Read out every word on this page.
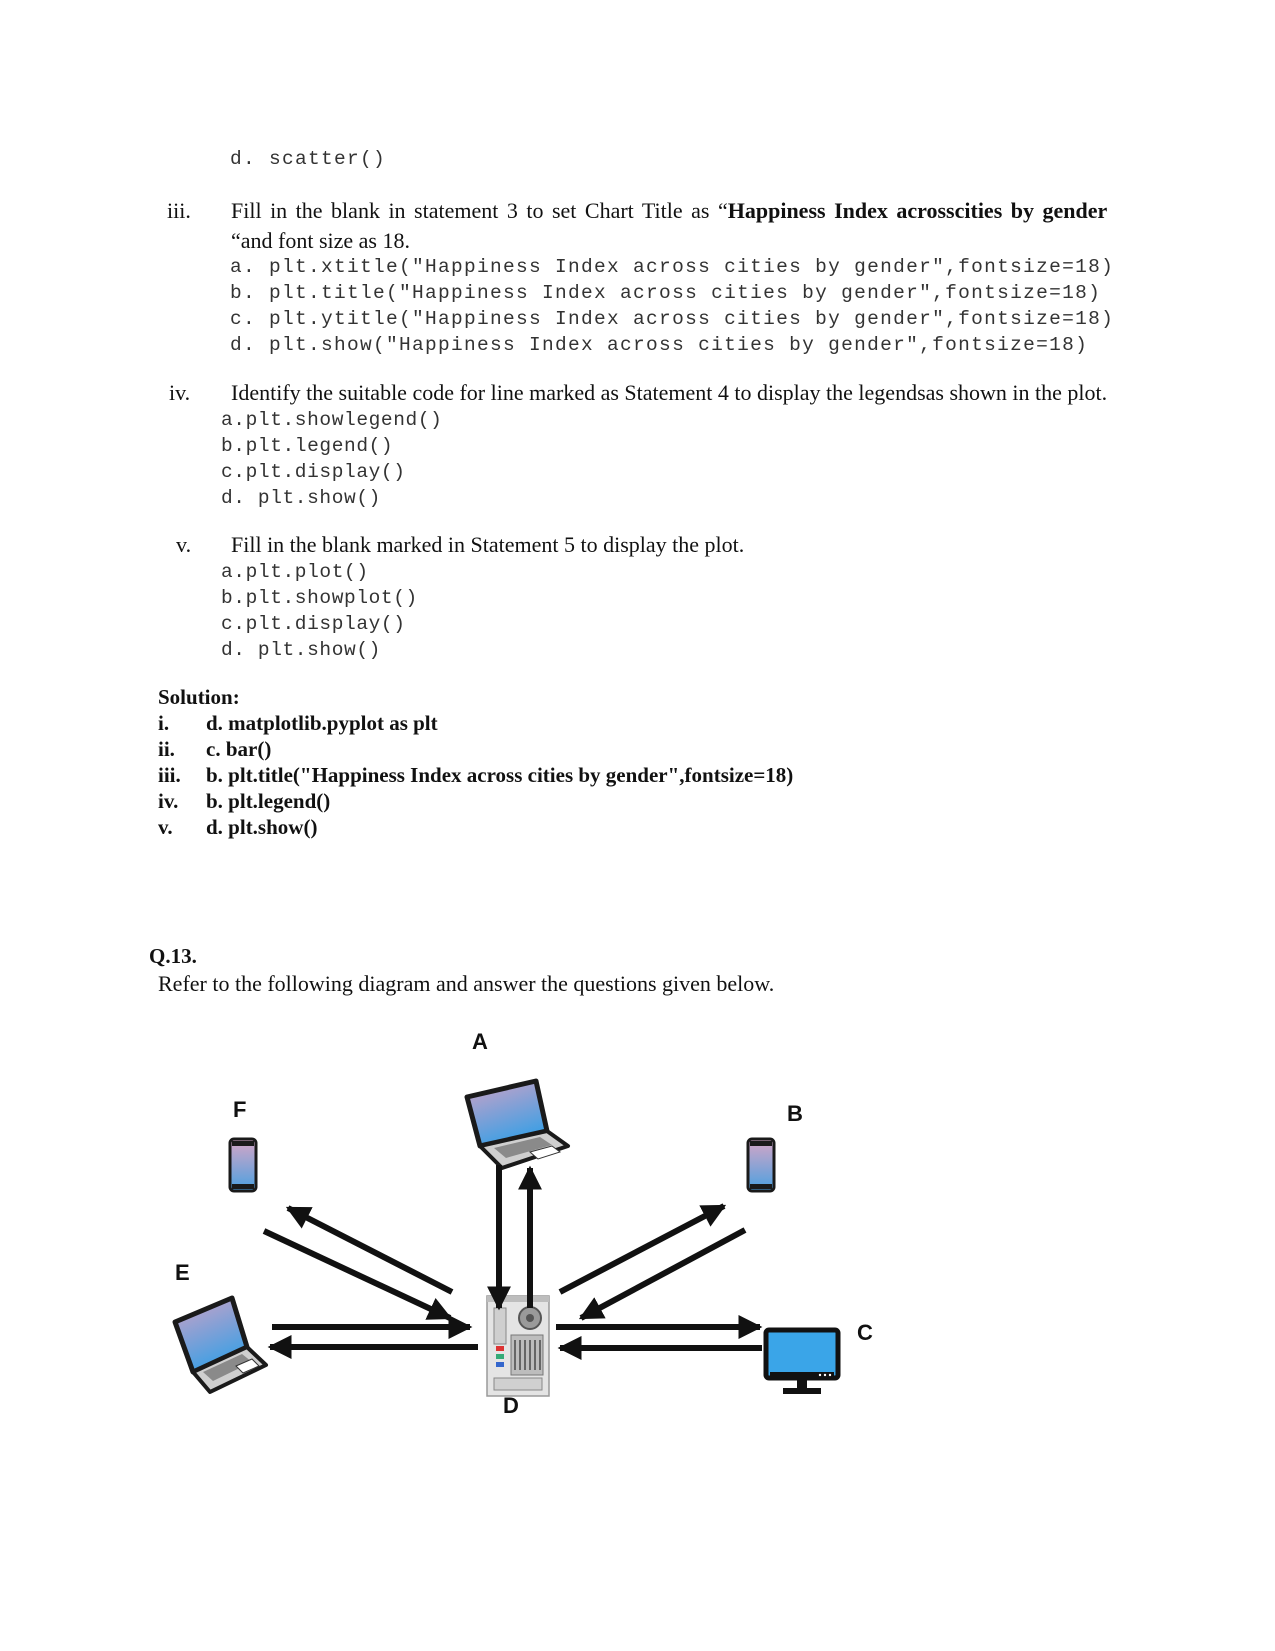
d. scatter()
iii. Fill in the blank in statement 3 to set Chart Title as “Happiness Index acrosscities by gender
“and font size as 18.
a. plt.xtitle("Happiness Index across cities by gender",fontsize=18)
b. plt.title("Happiness Index across cities by gender",fontsize=18)
c. plt.ytitle("Happiness Index across cities by gender",fontsize=18)
d. plt.show("Happiness Index across cities by gender",fontsize=18)
iv. Identify the suitable code for line marked as Statement 4 to display the legendsas shown in the plot.
a.plt.showlegend()
b.plt.legend()
c.plt.display()
d. plt.show()
v. Fill in the blank marked in Statement 5 to display the plot.
a.plt.plot()
b.plt.showplot()
c.plt.display()
d. plt.show()
Solution:
i. d. matplotlib.pyplot as plt
ii. c. bar()
iii. b. plt.title("Happiness Index across cities by gender",fontsize=18)
iv. b. plt.legend()
v. d. plt.show()
Q.13.
Refer to the following diagram and answer the questions given below.
A
B
C
D
E
F
